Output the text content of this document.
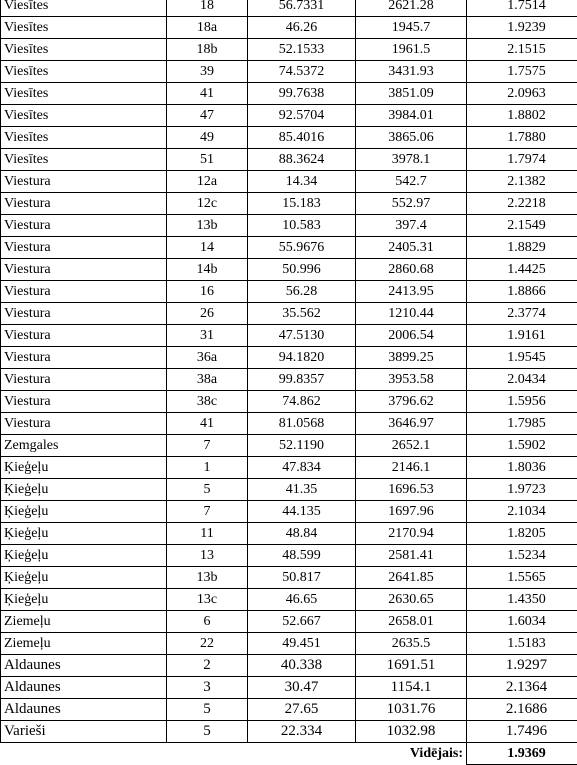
Viesītes	18	56.7331	2621.28	1.7514
Viesītes	18a	46.26	1945.7	1.9239
Viesītes	18b	52.1533	1961.5	2.1515
Viesītes	39	74.5372	3431.93	1.7575
Viesītes	41	99.7638	3851.09	2.0963
Viesītes	47	92.5704	3984.01	1.8802
Viesītes	49	85.4016	3865.06	1.7880
Viesītes	51	88.3624	3978.1	1.7974
Viestura	12a	14.34	542.7	2.1382
Viestura	12c	15.183	552.97	2.2218
Viestura	13b	10.583	397.4	2.1549
Viestura	14	55.9676	2405.31	1.8829
Viestura	14b	50.996	2860.68	1.4425
Viestura	16	56.28	2413.95	1.8866
Viestura	26	35.562	1210.44	2.3774
Viestura	31	47.5130	2006.54	1.9161
Viestura	36a	94.1820	3899.25	1.9545
Viestura	38a	99.8357	3953.58	2.0434
Viestura	38c	74.862	3796.62	1.5956
Viestura	41	81.0568	3646.97	1.7985
Zemgales	7	52.1190	2652.1	1.5902
Ķieģeļu	1	47.834	2146.1	1.8036
Ķieģeļu	5	41.35	1696.53	1.9723
Ķieģeļu	7	44.135	1697.96	2.1034
Ķieģeļu	11	48.84	2170.94	1.8205
Ķieģeļu	13	48.599	2581.41	1.5234
Ķieģeļu	13b	50.817	2641.85	1.5565
Ķieģeļu	13c	46.65	2630.65	1.4350
Ziemeļu	6	52.667	2658.01	1.6034
Ziemeļu	22	49.451	2635.5	1.5183
Aldaunes	2	40.338	1691.51	1.9297
Aldaunes	3	30.47	1154.1	2.1364
Aldaunes	5	27.65	1031.76	2.1686
Varieši	5	22.334	1032.98	1.7496
			Vidējais:	1.9369
